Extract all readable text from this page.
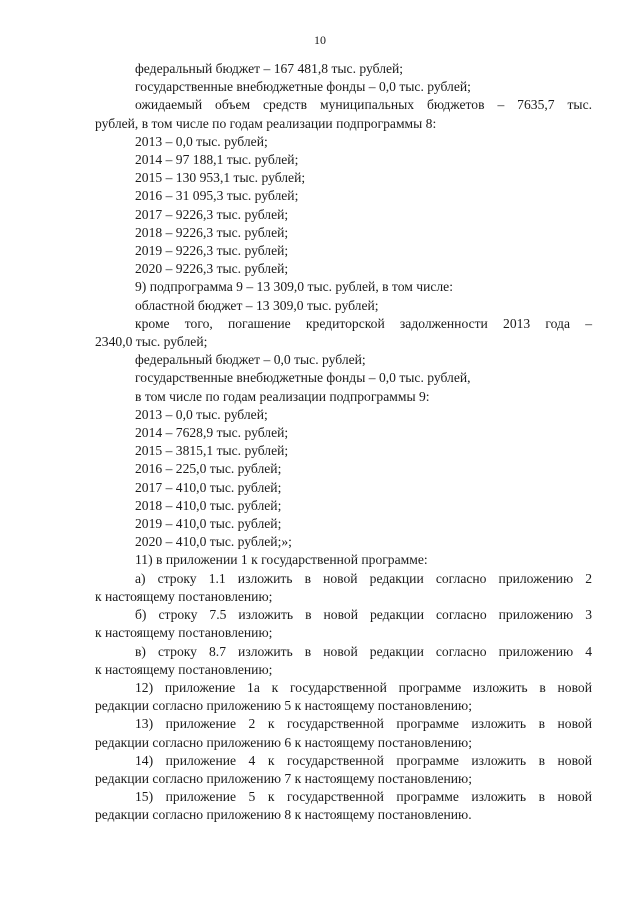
10

федеральный бюджет – 167 481,8 тыс. рублей;

государственные внебюджетные фонды – 0,0 тыс. рублей;

ожидаемый объем средств муниципальных бюджетов – 7635,7 тыс.
рублей, в том числе по годам реализации подпрограммы 8:

2013 – 0,0 тыс. рублей;

2014 – 97 188,1 тыс. рублей;

2015 – 130 953,1 тыс. рублей;

2016 – 31 095,3 тыс. рублей;

2017 – 9226,3 тыс. рублей;

2018 – 9226,3 тыс. рублей;

2019 – 9226,3 тыс. рублей;

2020 – 9226,3 тыс. рублей;

9) подпрограмма 9 – 13 309,0 тыс. рублей, в том числе:

областной бюджет – 13 309,0 тыс. рублей;

кроме того, погашение кредиторской задолженности 2013 года –
2340,0 тыс. рублей;

федеральный бюджет – 0,0 тыс. рублей;

государственные внебюджетные фонды – 0,0 тыс. рублей,

в том числе по годам реализации подпрограммы 9:

2013 – 0,0 тыс. рублей;

2014 – 7628,9 тыс. рублей;

2015 – 3815,1 тыс. рублей;

2016 – 225,0 тыс. рублей;

2017 – 410,0 тыс. рублей;

2018 – 410,0 тыс. рублей;

2019 – 410,0 тыс. рублей;

2020 – 410,0 тыс. рублей;»;

11) в приложении 1 к государственной программе:

а) строку 1.1 изложить в новой редакции согласно приложению 2
к настоящему постановлению;

б) строку 7.5 изложить в новой редакции согласно приложению 3
к настоящему постановлению;

в) строку 8.7 изложить в новой редакции согласно приложению 4
к настоящему постановлению;

12) приложение 1а к государственной программе изложить в новой
редакции согласно приложению 5 к настоящему постановлению;

13) приложение 2 к государственной программе изложить в новой
редакции согласно приложению 6 к настоящему постановлению;

14) приложение 4 к государственной программе изложить в новой
редакции согласно приложению 7 к настоящему постановлению;

15) приложение 5 к государственной программе изложить в новой
редакции согласно приложению 8 к настоящему постановлению.
